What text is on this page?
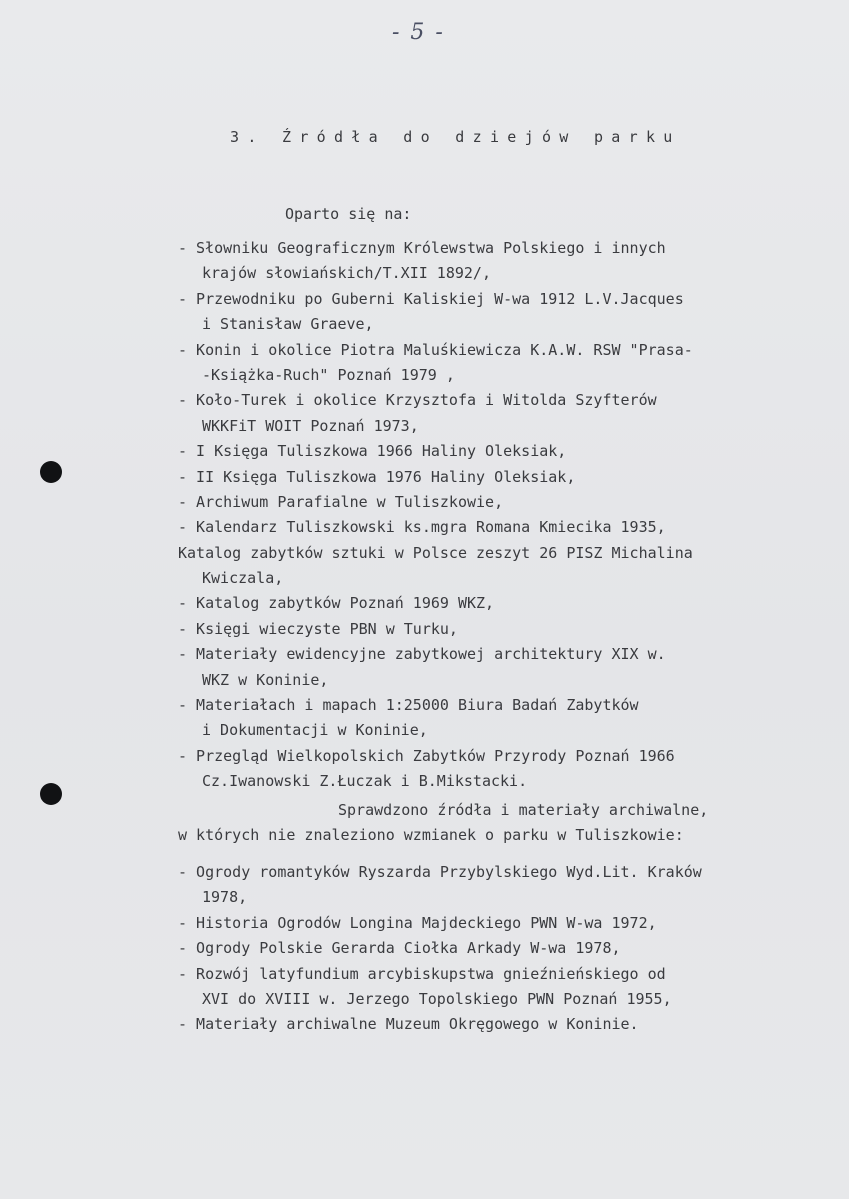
- 5 -
3. Źródła do dziejów parku
Oparto się na:
- Słowniku Geograficznym Królewstwa Polskiego i innych
krajów słowiańskich/T.XII 1892/,
- Przewodniku po Guberni Kaliskiej W-wa 1912 L.V.Jacques
i Stanisław Graeve,
- Konin i okolice Piotra Maluśkiewicza K.A.W. RSW "Prasa-
-Książka-Ruch" Poznań 1979 ,
- Koło-Turek i okolice Krzysztofa i Witolda Szyfterów
WKKFiT WOIT Poznań 1973,
- I Księga Tuliszkowa 1966 Haliny Oleksiak,
- II Księga Tuliszkowa 1976 Haliny Oleksiak,
- Archiwum Parafialne w Tuliszkowie,
- Kalendarz Tuliszkowski ks.mgra Romana Kmiecika 1935,
Katalog zabytków sztuki w Polsce zeszyt 26 PISZ Michalina
Kwiczala,
- Katalog zabytków Poznań 1969 WKZ,
- Księgi wieczyste PBN w Turku,
- Materiały ewidencyjne zabytkowej architektury XIX w.
WKZ w Koninie,
- Materiałach i mapach 1:25000 Biura Badań Zabytków
i Dokumentacji w Koninie,
- Przegląd Wielkopolskich Zabytków Przyrody Poznań 1966
Cz.Iwanowski Z.Łuczak i B.Mikstacki.
Sprawdzono źródła i materiały archiwalne,
w których nie znaleziono wzmianek o parku w Tuliszkowie:
- Ogrody romantyków Ryszarda Przybylskiego Wyd.Lit. Kraków
1978,
- Historia Ogrodów Longina Majdeckiego PWN W-wa 1972,
- Ogrody Polskie Gerarda Ciołka Arkady W-wa 1978,
- Rozwój latyfundium arcybiskupstwa gnieźnieńskiego od
XVI do XVIII w. Jerzego Topolskiego PWN Poznań 1955,
- Materiały archiwalne Muzeum Okręgowego w Koninie.
